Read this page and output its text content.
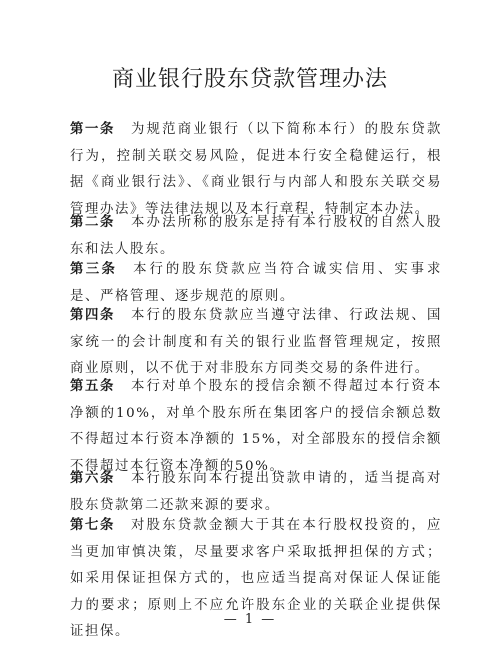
商业银行股东贷款管理办法
第一条 为规范商业银行（以下简称本行）的股东贷款行为，控制关联交易风险，促进本行安全稳健运行，根据《商业银行法》、《商业银行与内部人和股东关联交易管理办法》等法律法规以及本行章程，特制定本办法。
第二条 本办法所称的股东是持有本行股权的自然人股东和法人股东。
第三条 本行的股东贷款应当符合诚实信用、实事求是、严格管理、逐步规范的原则。
第四条 本行的股东贷款应当遵守法律、行政法规、国家统一的会计制度和有关的银行业监督管理规定，按照商业原则，以不优于对非股东方同类交易的条件进行。
第五条 本行对单个股东的授信余额不得超过本行资本净额的10%，对单个股东所在集团客户的授信余额总数不得超过本行资本净额的 15%，对全部股东的授信余额不得超过本行资本净额的50%。
第六条 本行股东向本行提出贷款申请的，适当提高对股东贷款第二还款来源的要求。
第七条 对股东贷款金额大于其在本行股权投资的，应当更加审慎决策，尽量要求客户采取抵押担保的方式；如采用保证担保方式的，也应适当提高对保证人保证能力的要求；原则上不应允许股东企业的关联企业提供保证担保。
— 1 —
